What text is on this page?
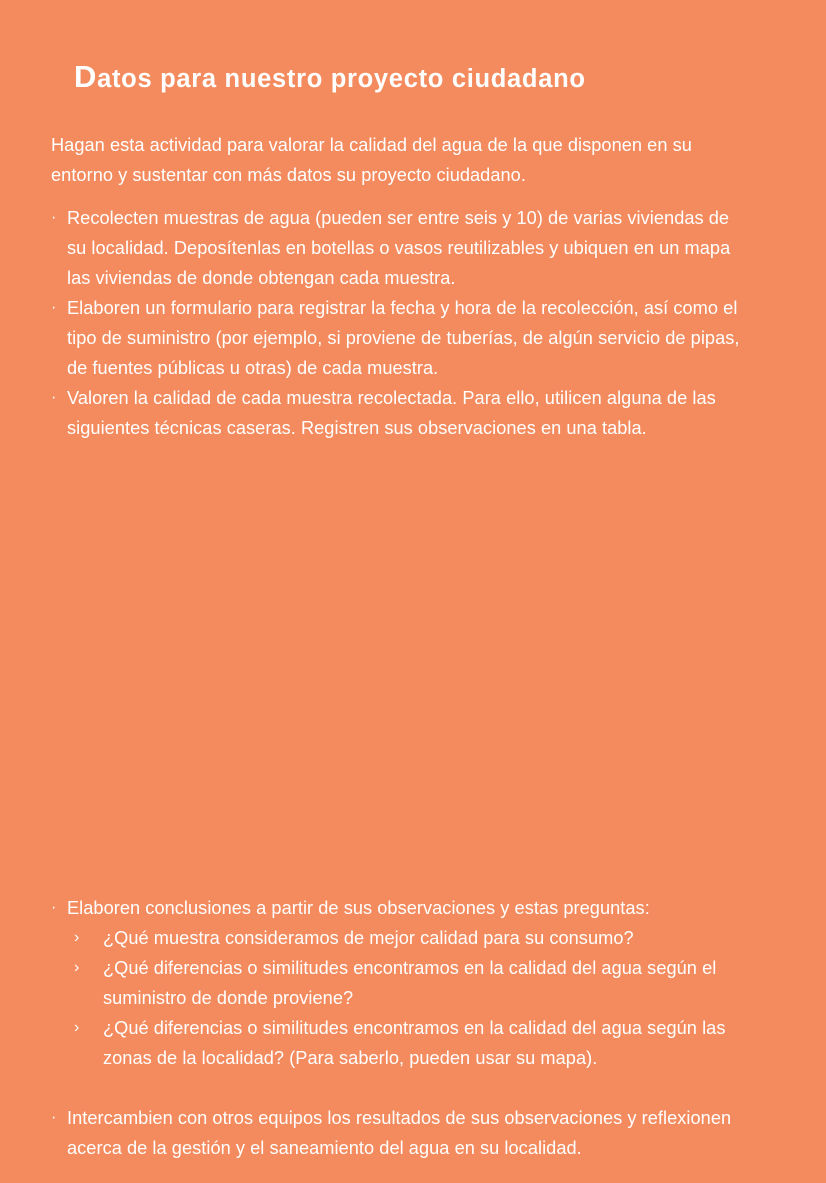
Datos para nuestro proyecto ciudadano

Hagan esta actividad para valorar la calidad del agua de la que disponen en su entorno y sustentar con más datos su proyecto ciudadano.

· Recolecten muestras de agua (pueden ser entre seis y 10) de varias viviendas de su localidad. Deposítenlas en botellas o vasos reutilizables y ubiquen en un mapa las viviendas de donde obtengan cada muestra.
· Elaboren un formulario para registrar la fecha y hora de la recolección, así como el tipo de suministro (por ejemplo, si proviene de tuberías, de algún servicio de pipas, de fuentes públicas u otras) de cada muestra.
· Valoren la calidad de cada muestra recolectada. Para ello, utilicen alguna de las siguientes técnicas caseras. Registren sus observaciones en una tabla.
· Elaboren conclusiones a partir de sus observaciones y estas preguntas:
›	¿Qué muestra consideramos de mejor calidad para su consumo?
›	¿Qué diferencias o similitudes encontramos en la calidad del agua según el suministro de donde proviene?
›	¿Qué diferencias o similitudes encontramos en la calidad del agua según las zonas de la localidad? (Para saberlo, pueden usar su mapa).
· Intercambien con otros equipos los resultados de sus observaciones y reflexionen acerca de la gestión y el saneamiento del agua en su localidad.
